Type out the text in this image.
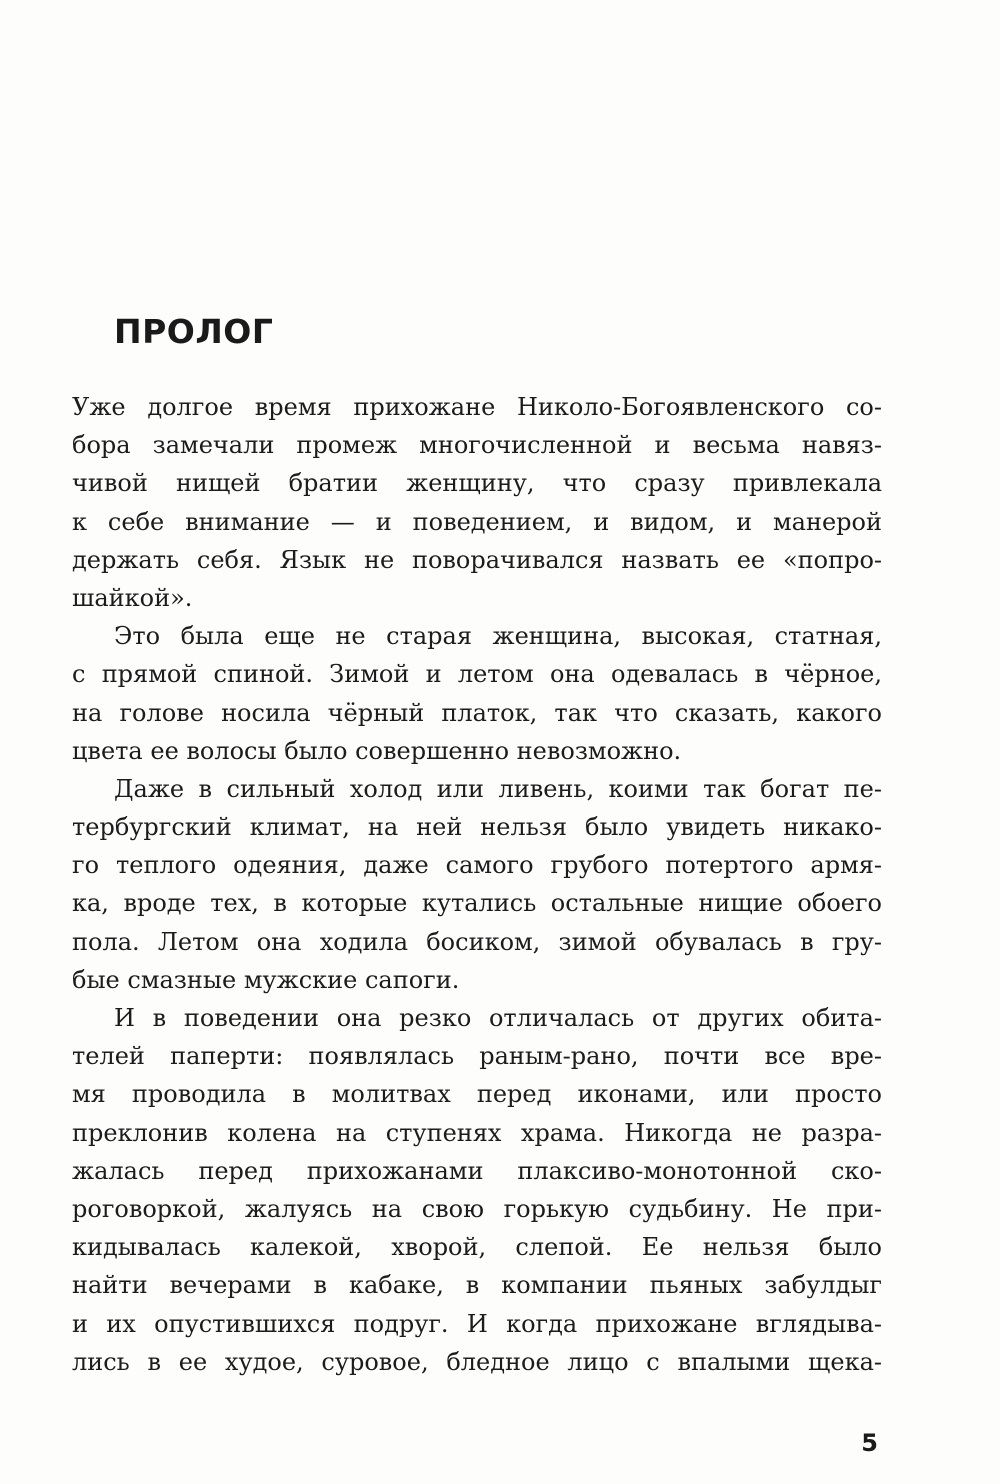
ПРОЛОГ
Уже долгое время прихожане Николо-Богоявленского со-
бора замечали промеж многочисленной и весьма навяз-
чивой нищей братии женщину, что сразу привлекала
к себе внимание — и поведением, и видом, и манерой
держать себя. Язык не поворачивался назвать ее «попро-
шайкой».
Это была еще не старая женщина, высокая, статная,
с прямой спиной. Зимой и летом она одевалась в чёрное,
на голове носила чёрный платок, так что сказать, какого
цвета ее волосы было совершенно невозможно.
Даже в сильный холод или ливень, коими так богат пе-
тербургский климат, на ней нельзя было увидеть никако-
го теплого одеяния, даже самого грубого потертого армя-
ка, вроде тех, в которые кутались остальные нищие обоего
пола. Летом она ходила босиком, зимой обувалась в гру-
бые смазные мужские сапоги.
И в поведении она резко отличалась от других обита-
телей паперти: появлялась раным-рано, почти все вре-
мя проводила в молитвах перед иконами, или просто
преклонив колена на ступенях храма. Никогда не разра-
жалась перед прихожанами плаксиво-монотонной ско-
роговоркой, жалуясь на свою горькую судьбину. Не при-
кидывалась калекой, хворой, слепой. Ее нельзя было
найти вечерами в кабаке, в компании пьяных забулдыг
и их опустившихся подруг. И когда прихожане вглядыва-
лись в ее худое, суровое, бледное лицо с впалыми щека-
5
